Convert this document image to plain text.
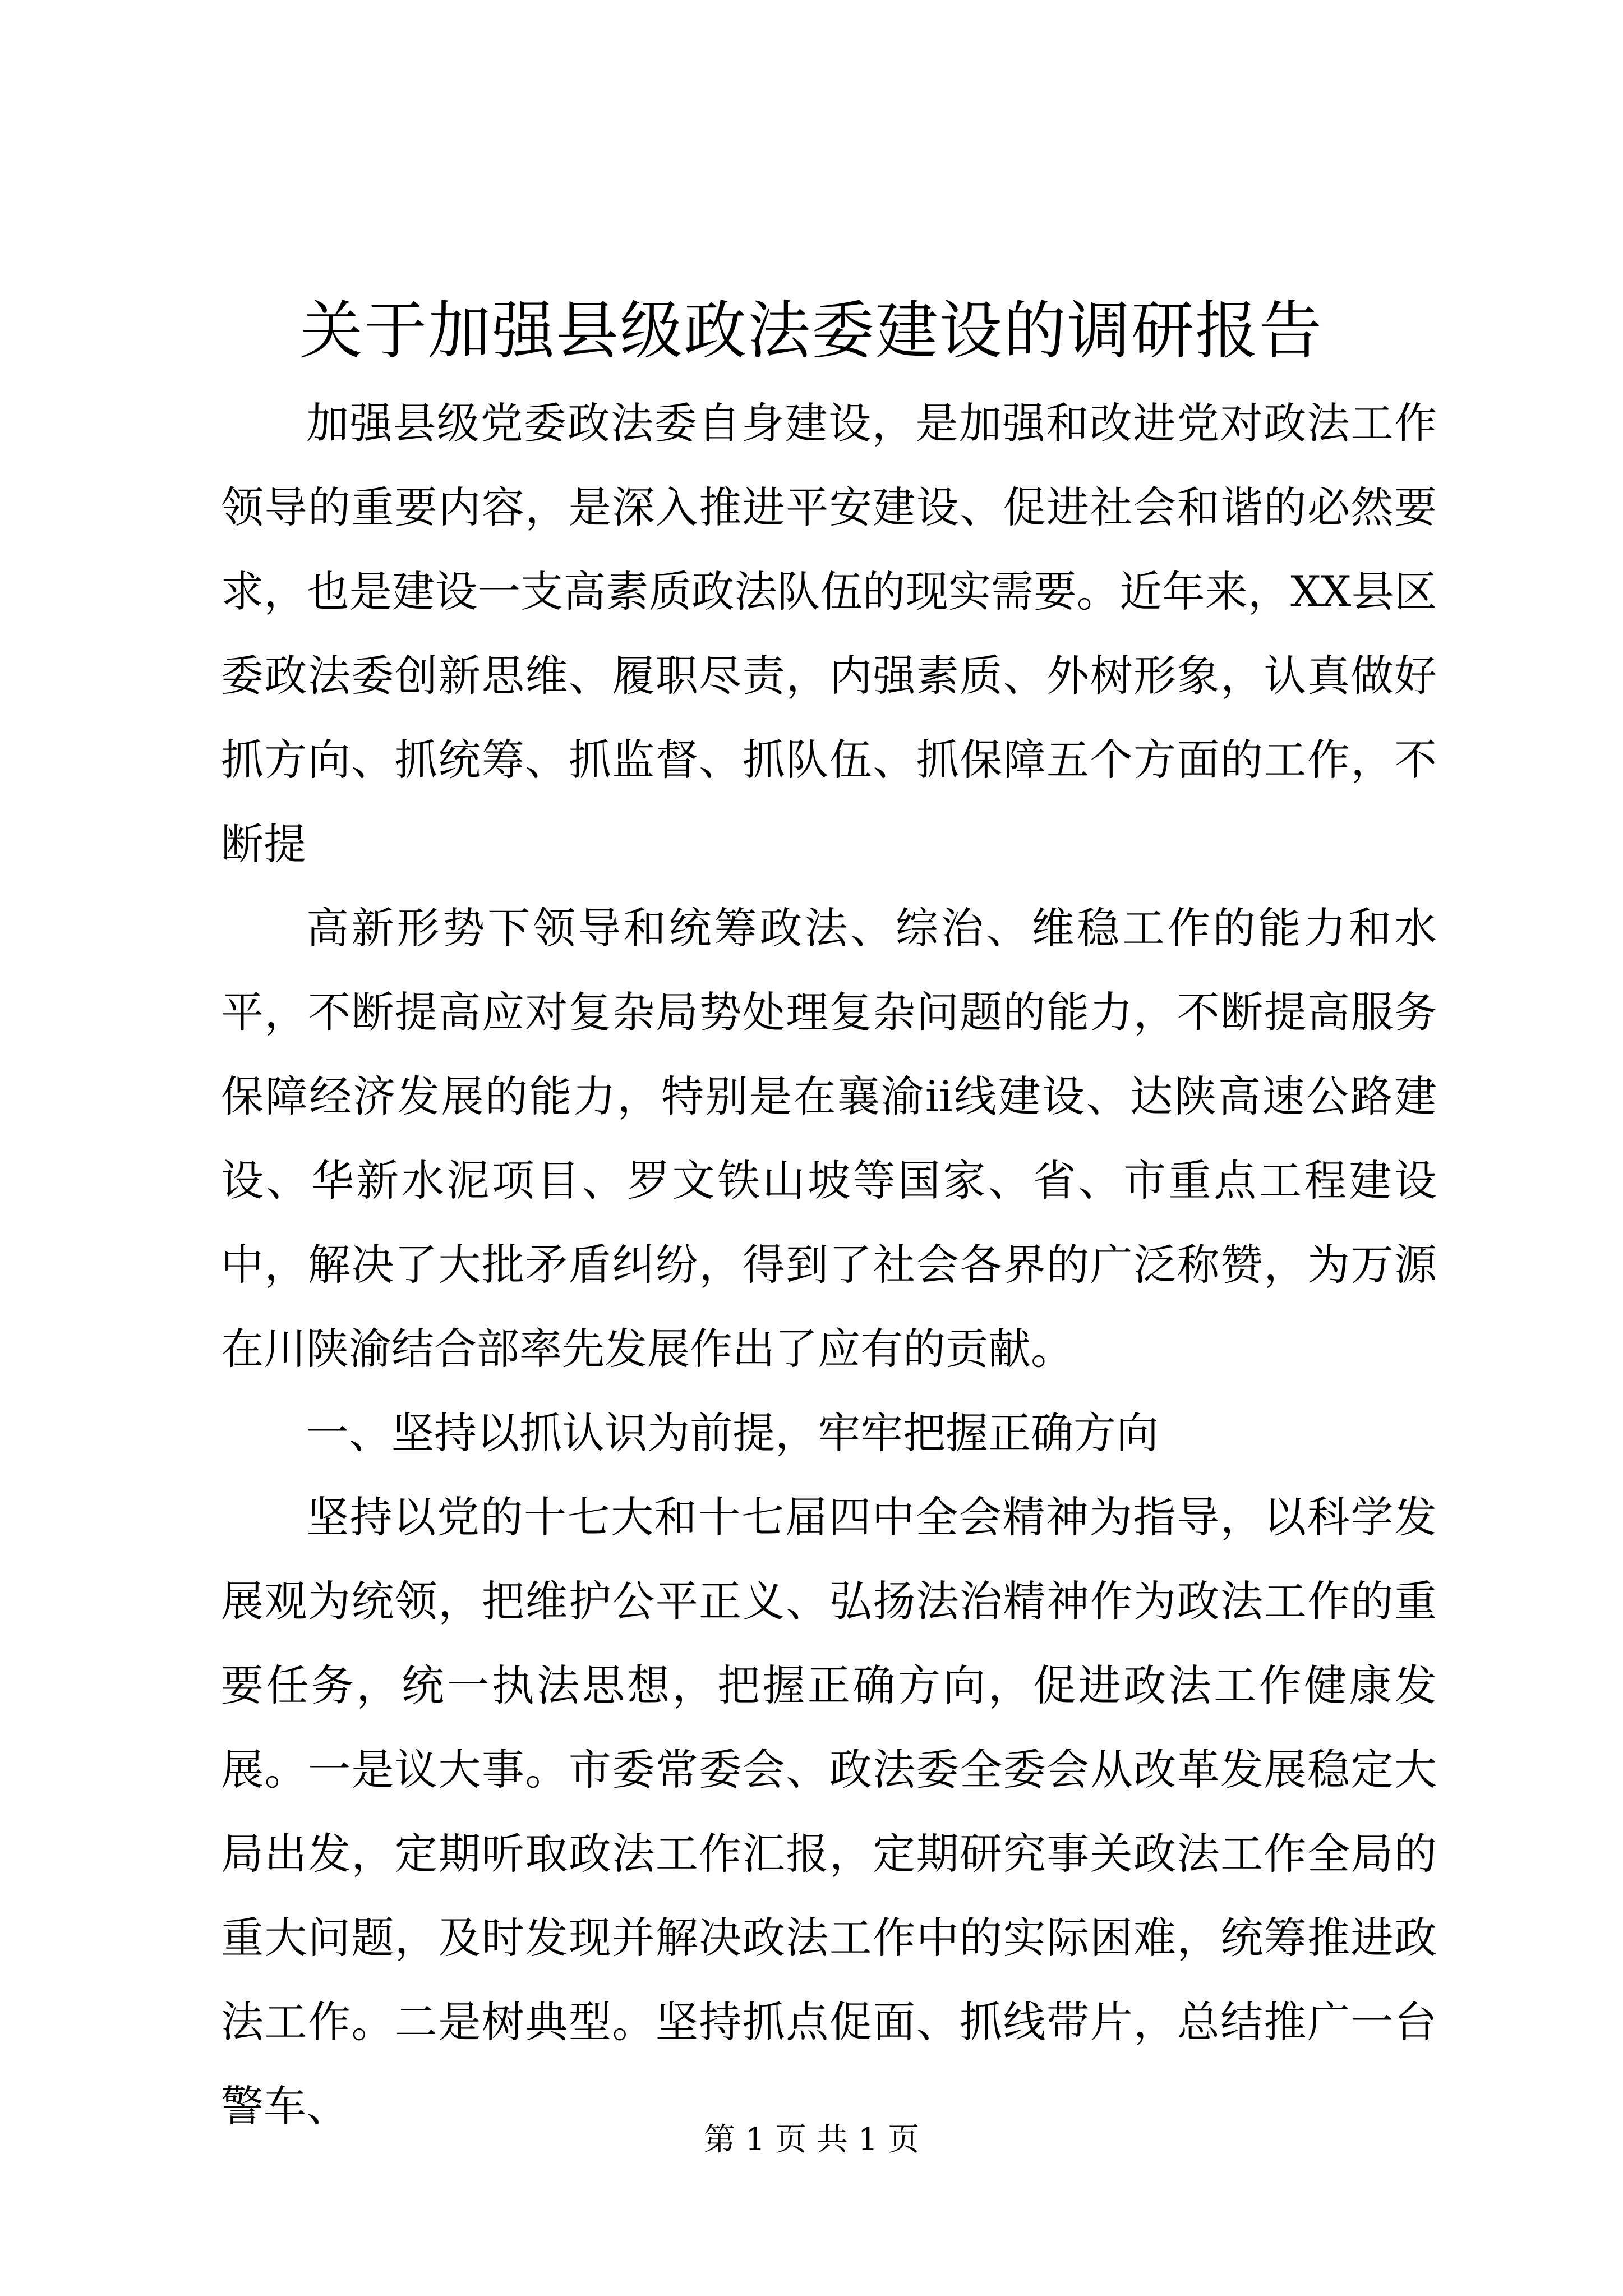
关于加强县级政法委建设的调研报告

加强县级党委政法委自身建设，是加强和改进党对政法工作领导的重要内容，是深入推进平安建设、促进社会和谐的必然要求，也是建设一支高素质政法队伍的现实需要。近年来，XX县区委政法委创新思维、履职尽责，内强素质、外树形象，认真做好抓方向、抓统筹、抓监督、抓队伍、抓保障五个方面的工作，不断提

高新形势下领导和统筹政法、综治、维稳工作的能力和水平，不断提高应对复杂局势处理复杂问题的能力，不断提高服务保障经济发展的能力，特别是在襄渝ii线建设、达陕高速公路建设、华新水泥项目、罗文铁山坡等国家、省、市重点工程建设中，解决了大批矛盾纠纷，得到了社会各界的广泛称赞，为万源在川陕渝结合部率先发展作出了应有的贡献。

一、坚持以抓认识为前提，牢牢把握正确方向

坚持以党的十七大和十七届四中全会精神为指导，以科学发展观为统领，把维护公平正义、弘扬法治精神作为政法工作的重要任务，统一执法思想，把握正确方向，促进政法工作健康发展。一是议大事。市委常委会、政法委全委会从改革发展稳定大局出发，定期听取政法工作汇报，定期研究事关政法工作全局的重大问题，及时发现并解决政法工作中的实际困难，统筹推进政法工作。二是树典型。坚持抓点促面、抓线带片，总结推广一台警车、

第 1 页 共 1 页
